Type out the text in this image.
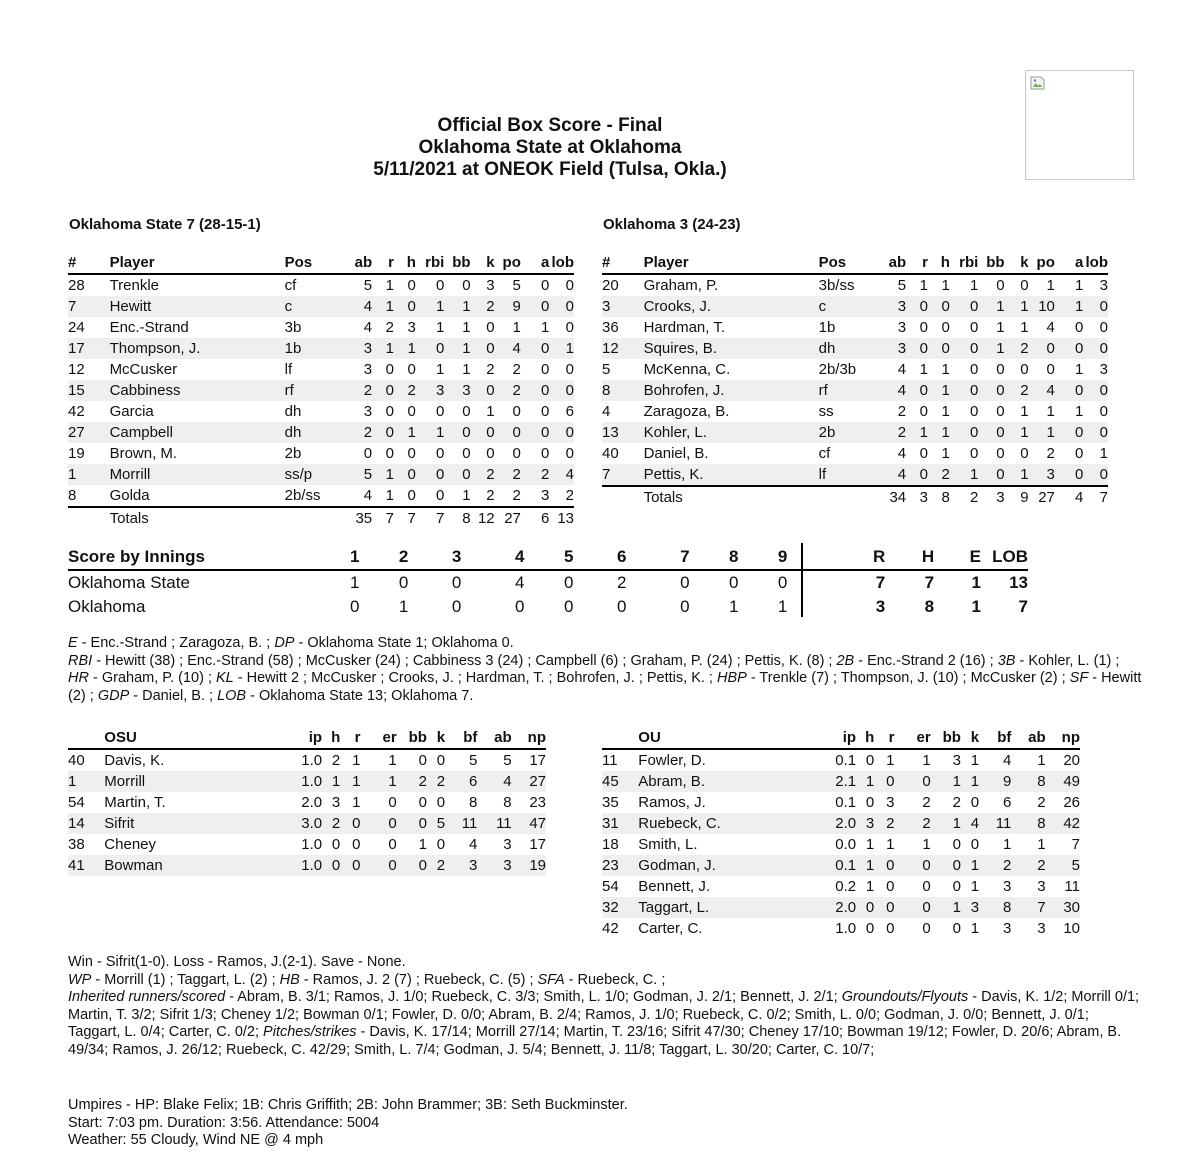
Official Box Score - Final
Oklahoma State at Oklahoma
5/11/2021 at ONEOK Field (Tulsa, Okla.)
Oklahoma State 7 (28-15-1)	Oklahoma 3 (24-23)
#	Player	Pos	ab	r	h	rbi	bb	k	po	a	lob
28	Trenkle	cf	5	1	0	0	0	3	5	0	0
7	Hewitt	c	4	1	0	1	1	2	9	0	0
24	Enc.-Strand	3b	4	2	3	1	1	0	1	1	0
17	Thompson, J.	1b	3	1	1	0	1	0	4	0	1
12	McCusker	lf	3	0	0	1	1	2	2	0	0
15	Cabbiness	rf	2	0	2	3	3	0	2	0	0
42	Garcia	dh	3	0	0	0	0	1	0	0	6
27	Campbell	dh	2	0	1	1	0	0	0	0	0
19	Brown, M.	2b	0	0	0	0	0	0	0	0	0
1	Morrill	ss/p	5	1	0	0	0	2	2	2	4
8	Golda	2b/ss	4	1	0	0	1	2	2	3	2
	Totals		35	7	7	7	8	12	27	6	13
#	Player	Pos	ab	r	h	rbi	bb	k	po	a	lob
20	Graham, P.	3b/ss	5	1	1	1	0	0	1	1	3
3	Crooks, J.	c	3	0	0	0	1	1	10	1	0
36	Hardman, T.	1b	3	0	0	0	1	1	4	0	0
12	Squires, B.	dh	3	0	0	0	1	2	0	0	0
5	McKenna, C.	2b/3b	4	1	1	0	0	0	0	1	3
8	Bohrofen, J.	rf	4	0	1	0	0	2	4	0	0
4	Zaragoza, B.	ss	2	0	1	0	0	1	1	1	0
13	Kohler, L.	2b	2	1	1	0	0	1	1	0	0
40	Daniel, B.	cf	4	0	1	0	0	0	2	0	1
7	Pettis, K.	lf	4	0	2	1	0	1	3	0	0
	Totals		34	3	8	2	3	9	27	4	7
Score by Innings	1	2	3	4	5	6	7	8	9	R	H	E	LOB
Oklahoma State	1	0	0	4	0	2	0	0	0	7	7	1	13
Oklahoma	0	1	0	0	0	0	0	1	1	3	8	1	7
E - Enc.-Strand ; Zaragoza, B. ; DP - Oklahoma State 1; Oklahoma 0.
RBI - Hewitt (38) ; Enc.-Strand (58) ; McCusker (24) ; Cabbiness 3 (24) ; Campbell (6) ; Graham, P. (24) ; Pettis, K. (8) ; 2B - Enc.-Strand 2 (16) ; 3B - Kohler, L. (1) ; HR - Graham, P. (10) ; KL - Hewitt 2 ; McCusker ; Crooks, J. ; Hardman, T. ; Bohrofen, J. ; Pettis, K. ; HBP - Trenkle (7) ; Thompson, J. (10) ; McCusker (2) ; SF - Hewitt (2) ; GDP - Daniel, B. ; LOB - Oklahoma State 13; Oklahoma 7.
	OSU	ip	h	r	er	bb	k	bf	ab	np
40	Davis, K.	1.0	2	1	1	0	0	5	5	17
1	Morrill	1.0	1	1	1	2	2	6	4	27
54	Martin, T.	2.0	3	1	0	0	0	8	8	23
14	Sifrit	3.0	2	0	0	0	5	11	11	47
38	Cheney	1.0	0	0	0	1	0	4	3	17
41	Bowman	1.0	0	0	0	0	2	3	3	19
	OU	ip	h	r	er	bb	k	bf	ab	np
11	Fowler, D.	0.1	0	1	1	3	1	4	1	20
45	Abram, B.	2.1	1	0	0	1	1	9	8	49
35	Ramos, J.	0.1	0	3	2	2	0	6	2	26
31	Ruebeck, C.	2.0	3	2	2	1	4	11	8	42
18	Smith, L.	0.0	1	1	1	0	0	1	1	7
23	Godman, J.	0.1	1	0	0	0	1	2	2	5
54	Bennett, J.	0.2	1	0	0	0	1	3	3	11
32	Taggart, L.	2.0	0	0	0	1	3	8	7	30
42	Carter, C.	1.0	0	0	0	0	1	3	3	10
Win - Sifrit(1-0). Loss - Ramos, J.(2-1). Save - None.
WP - Morrill (1) ; Taggart, L. (2) ; HB - Ramos, J. 2 (7) ; Ruebeck, C. (5) ; SFA - Ruebeck, C. ;
Inherited runners/scored - Abram, B. 3/1; Ramos, J. 1/0; Ruebeck, C. 3/3; Smith, L. 1/0; Godman, J. 2/1; Bennett, J. 2/1; Groundouts/Flyouts - Davis, K. 1/2; Morrill 0/1; Martin, T. 3/2; Sifrit 1/3; Cheney 1/2; Bowman 0/1; Fowler, D. 0/0; Abram, B. 2/4; Ramos, J. 1/0; Ruebeck, C. 0/2; Smith, L. 0/0; Godman, J. 0/0; Bennett, J. 0/1; Taggart, L. 0/4; Carter, C. 0/2; Pitches/strikes - Davis, K. 17/14; Morrill 27/14; Martin, T. 23/16; Sifrit 47/30; Cheney 17/10; Bowman 19/12; Fowler, D. 20/6; Abram, B. 49/34; Ramos, J. 26/12; Ruebeck, C. 42/29; Smith, L. 7/4; Godman, J. 5/4; Bennett, J. 11/8; Taggart, L. 30/20; Carter, C. 10/7;
Umpires - HP: Blake Felix; 1B: Chris Griffith; 2B: John Brammer; 3B: Seth Buckminster.
Start: 7:03 pm. Duration: 3:56. Attendance: 5004
Weather: 55 Cloudy, Wind NE @ 4 mph
